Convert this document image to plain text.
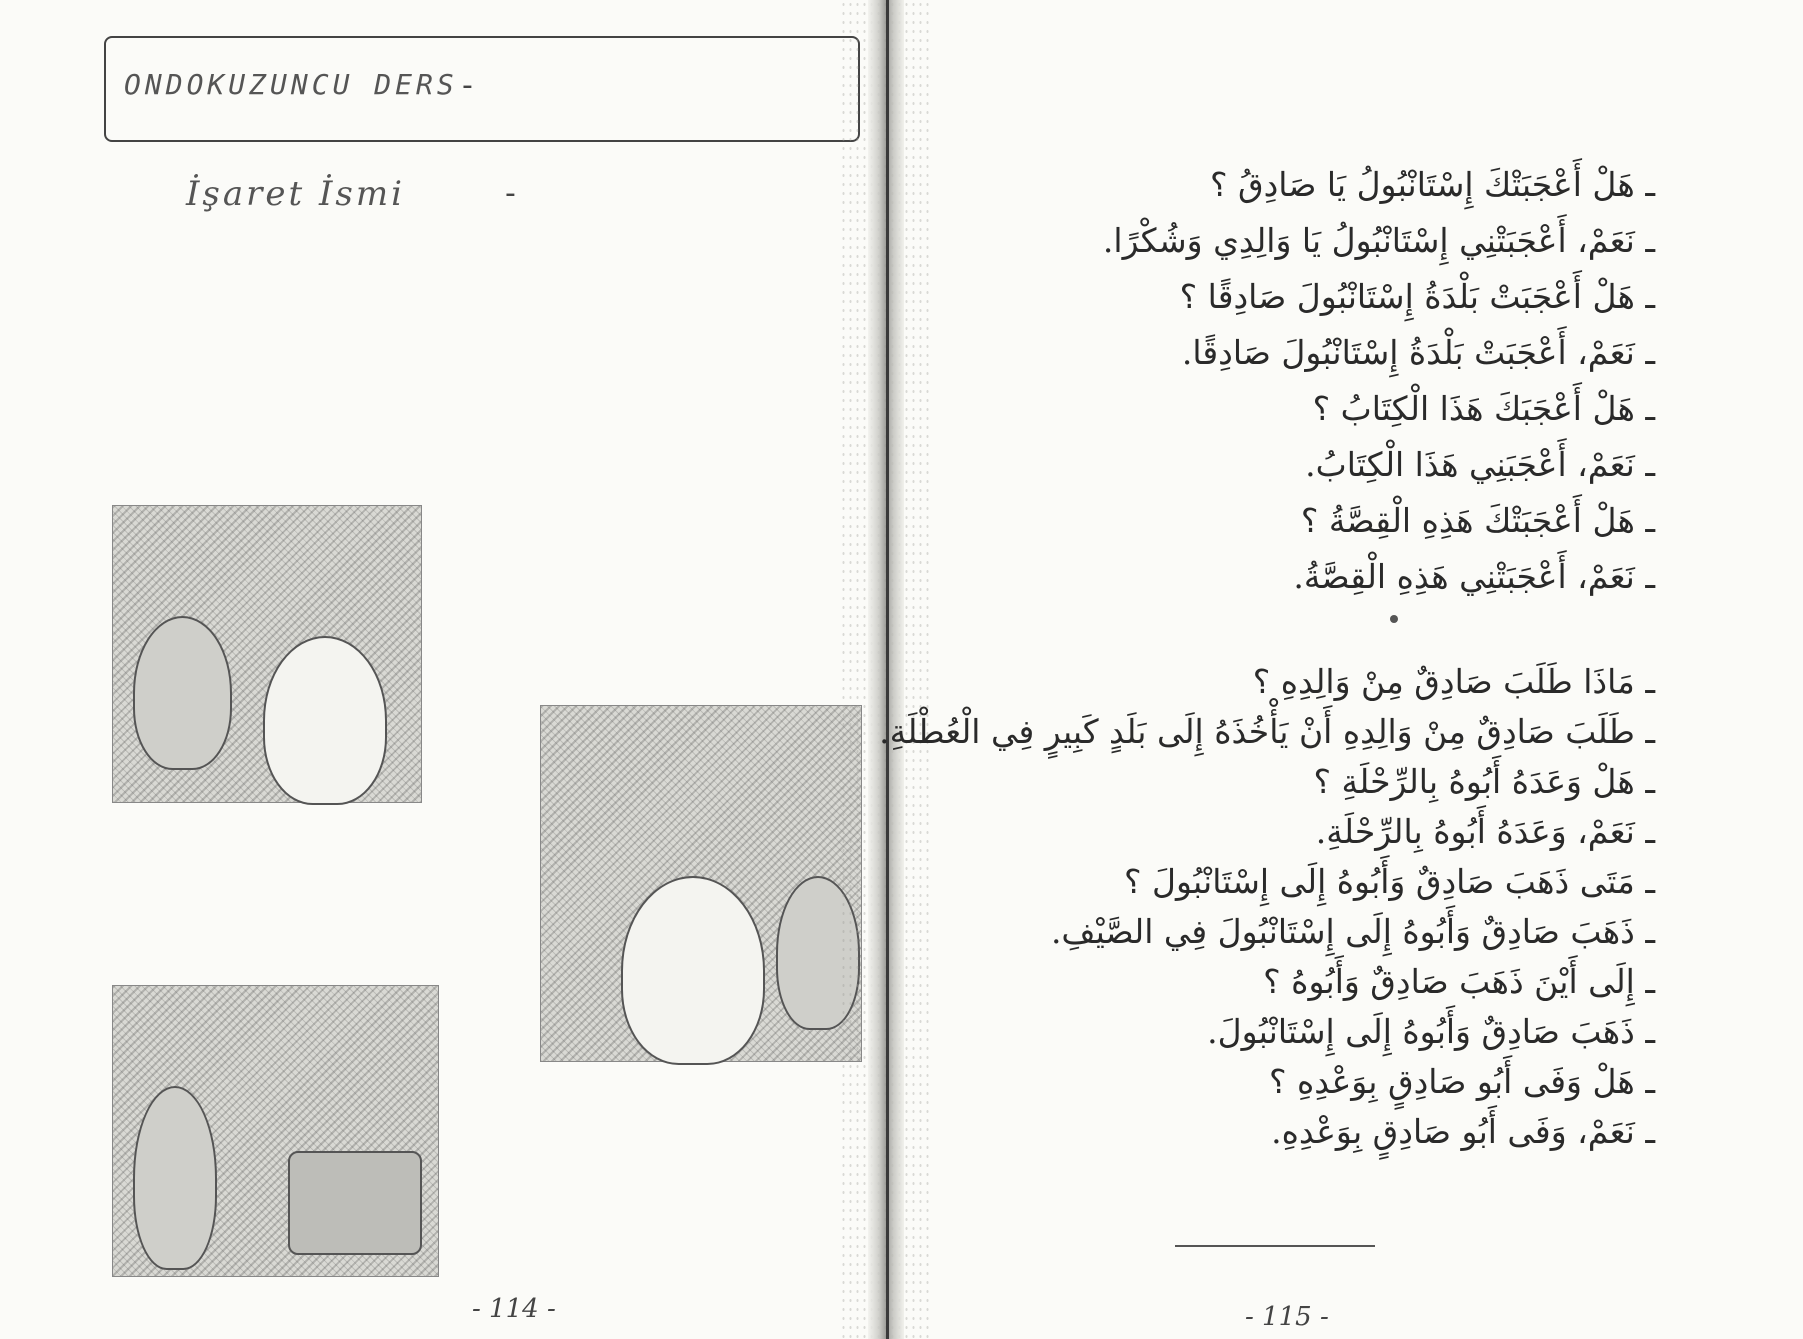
ONDOKUZUNCU DERS -
İşaret İsmi	-
- 114 -
ـ هَلْ أَعْجَبَتْكَ إِسْتَانْبُولُ يَا صَادِقُ ؟
ـ نَعَمْ، أَعْجَبَتْنِي إِسْتَانْبُولُ يَا وَالِدِي وَشُكْرًا.
ـ هَلْ أَعْجَبَتْ بَلْدَةُ إِسْتَانْبُولَ صَادِقًا ؟
ـ نَعَمْ، أَعْجَبَتْ بَلْدَةُ إِسْتَانْبُولَ صَادِقًا.
ـ هَلْ أَعْجَبَكَ هَذَا الْكِتَابُ ؟
ـ نَعَمْ، أَعْجَبَنِي هَذَا الْكِتَابُ.
ـ هَلْ أَعْجَبَتْكَ هَذِهِ الْقِصَّةُ ؟
ـ نَعَمْ، أَعْجَبَتْنِي هَذِهِ الْقِصَّةُ.
ـ مَاذَا طَلَبَ صَادِقٌ مِنْ وَالِدِهِ ؟
ـ طَلَبَ صَادِقٌ مِنْ وَالِدِهِ أَنْ يَأْخُذَهُ إِلَى بَلَدٍ كَبِيرٍ فِي الْعُطْلَةِ.
ـ هَلْ وَعَدَهُ أَبُوهُ بِالرِّحْلَةِ ؟
ـ نَعَمْ، وَعَدَهُ أَبُوهُ بِالرِّحْلَةِ.
ـ مَتَى ذَهَبَ صَادِقٌ وَأَبُوهُ إِلَى إِسْتَانْبُولَ ؟
ـ ذَهَبَ صَادِقٌ وَأَبُوهُ إِلَى إِسْتَانْبُولَ فِي الصَّيْفِ.
ـ إِلَى أَيْنَ ذَهَبَ صَادِقٌ وَأَبُوهُ ؟
ـ ذَهَبَ صَادِقٌ وَأَبُوهُ إِلَى إِسْتَانْبُولَ.
ـ هَلْ وَفَى أَبُو صَادِقٍ بِوَعْدِهِ ؟
ـ نَعَمْ، وَفَى أَبُو صَادِقٍ بِوَعْدِهِ.
- 115 -
